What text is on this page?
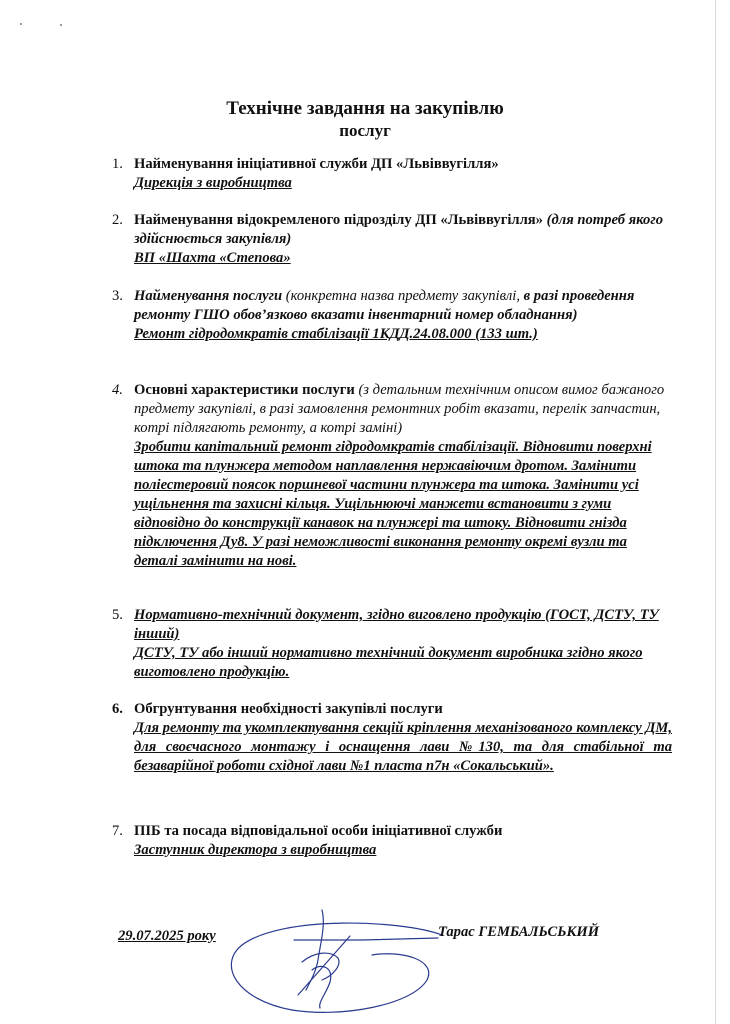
Технічне завдання на закупівлю
послуг
1. Найменування ініціативної служби ДП «Львіввугілля»
Дирекція з виробництва
2. Найменування відокремленого підрозділу ДП «Львіввугілля» (для потреб якого здійснюється закупівля)
ВП «Шахта «Степова»
3. Найменування послуги (конкретна назва предмету закупівлі, в разі проведення ремонту ГШО обов’язково вказати інвентарний номер обладнання)
Ремонт гідродомкратів стабілізації 1КДД.24.08.000 (133 шт.)
4. Основні характеристики послуги (з детальним технічним описом вимог бажаного предмету закупівлі, в разі замовлення ремонтних робіт вказати, перелік запчастин, котрі підлягають ремонту, а котрі заміні)
Зробити капітальний ремонт гідродомкратів стабілізації. Відновити поверхні штока та плунжера методом наплавлення нержавіючим дротом. Замінити поліестеровий поясок поршневої частини плунжера та штока. Замінити усі ущільнення та захисні кільця. Ущільнюючі манжети встановити з гуми відповідно до конструкції канавок на плунжері та штоку. Відновити гнізда підключення Ду8. У разі неможливості виконання ремонту окремі вузли та деталі замінити на нові.
5. Нормативно-технічний документ, згідно виговлено продукцію (ГОСТ, ДСТУ, ТУ інший)
ДСТУ, ТУ або інший нормативно технічний документ виробника згідно якого виготовлено продукцію.
6. Обгрунтування необхідності закупівлі послуги

Для ремонту та укомплектування секцій кріплення механізованого комплексу ДМ, для своєчасного монтажу і оснащення лави №130, та для стабільної та безаварійної роботи східної лави №1 пласта п7н «Сокальський».
7. ПІБ та посада відповідальної особи ініціативної служби
Заступник директора з виробництва
29.07.2025 року	Тарас ГЕМБАЛЬСЬКИЙ
